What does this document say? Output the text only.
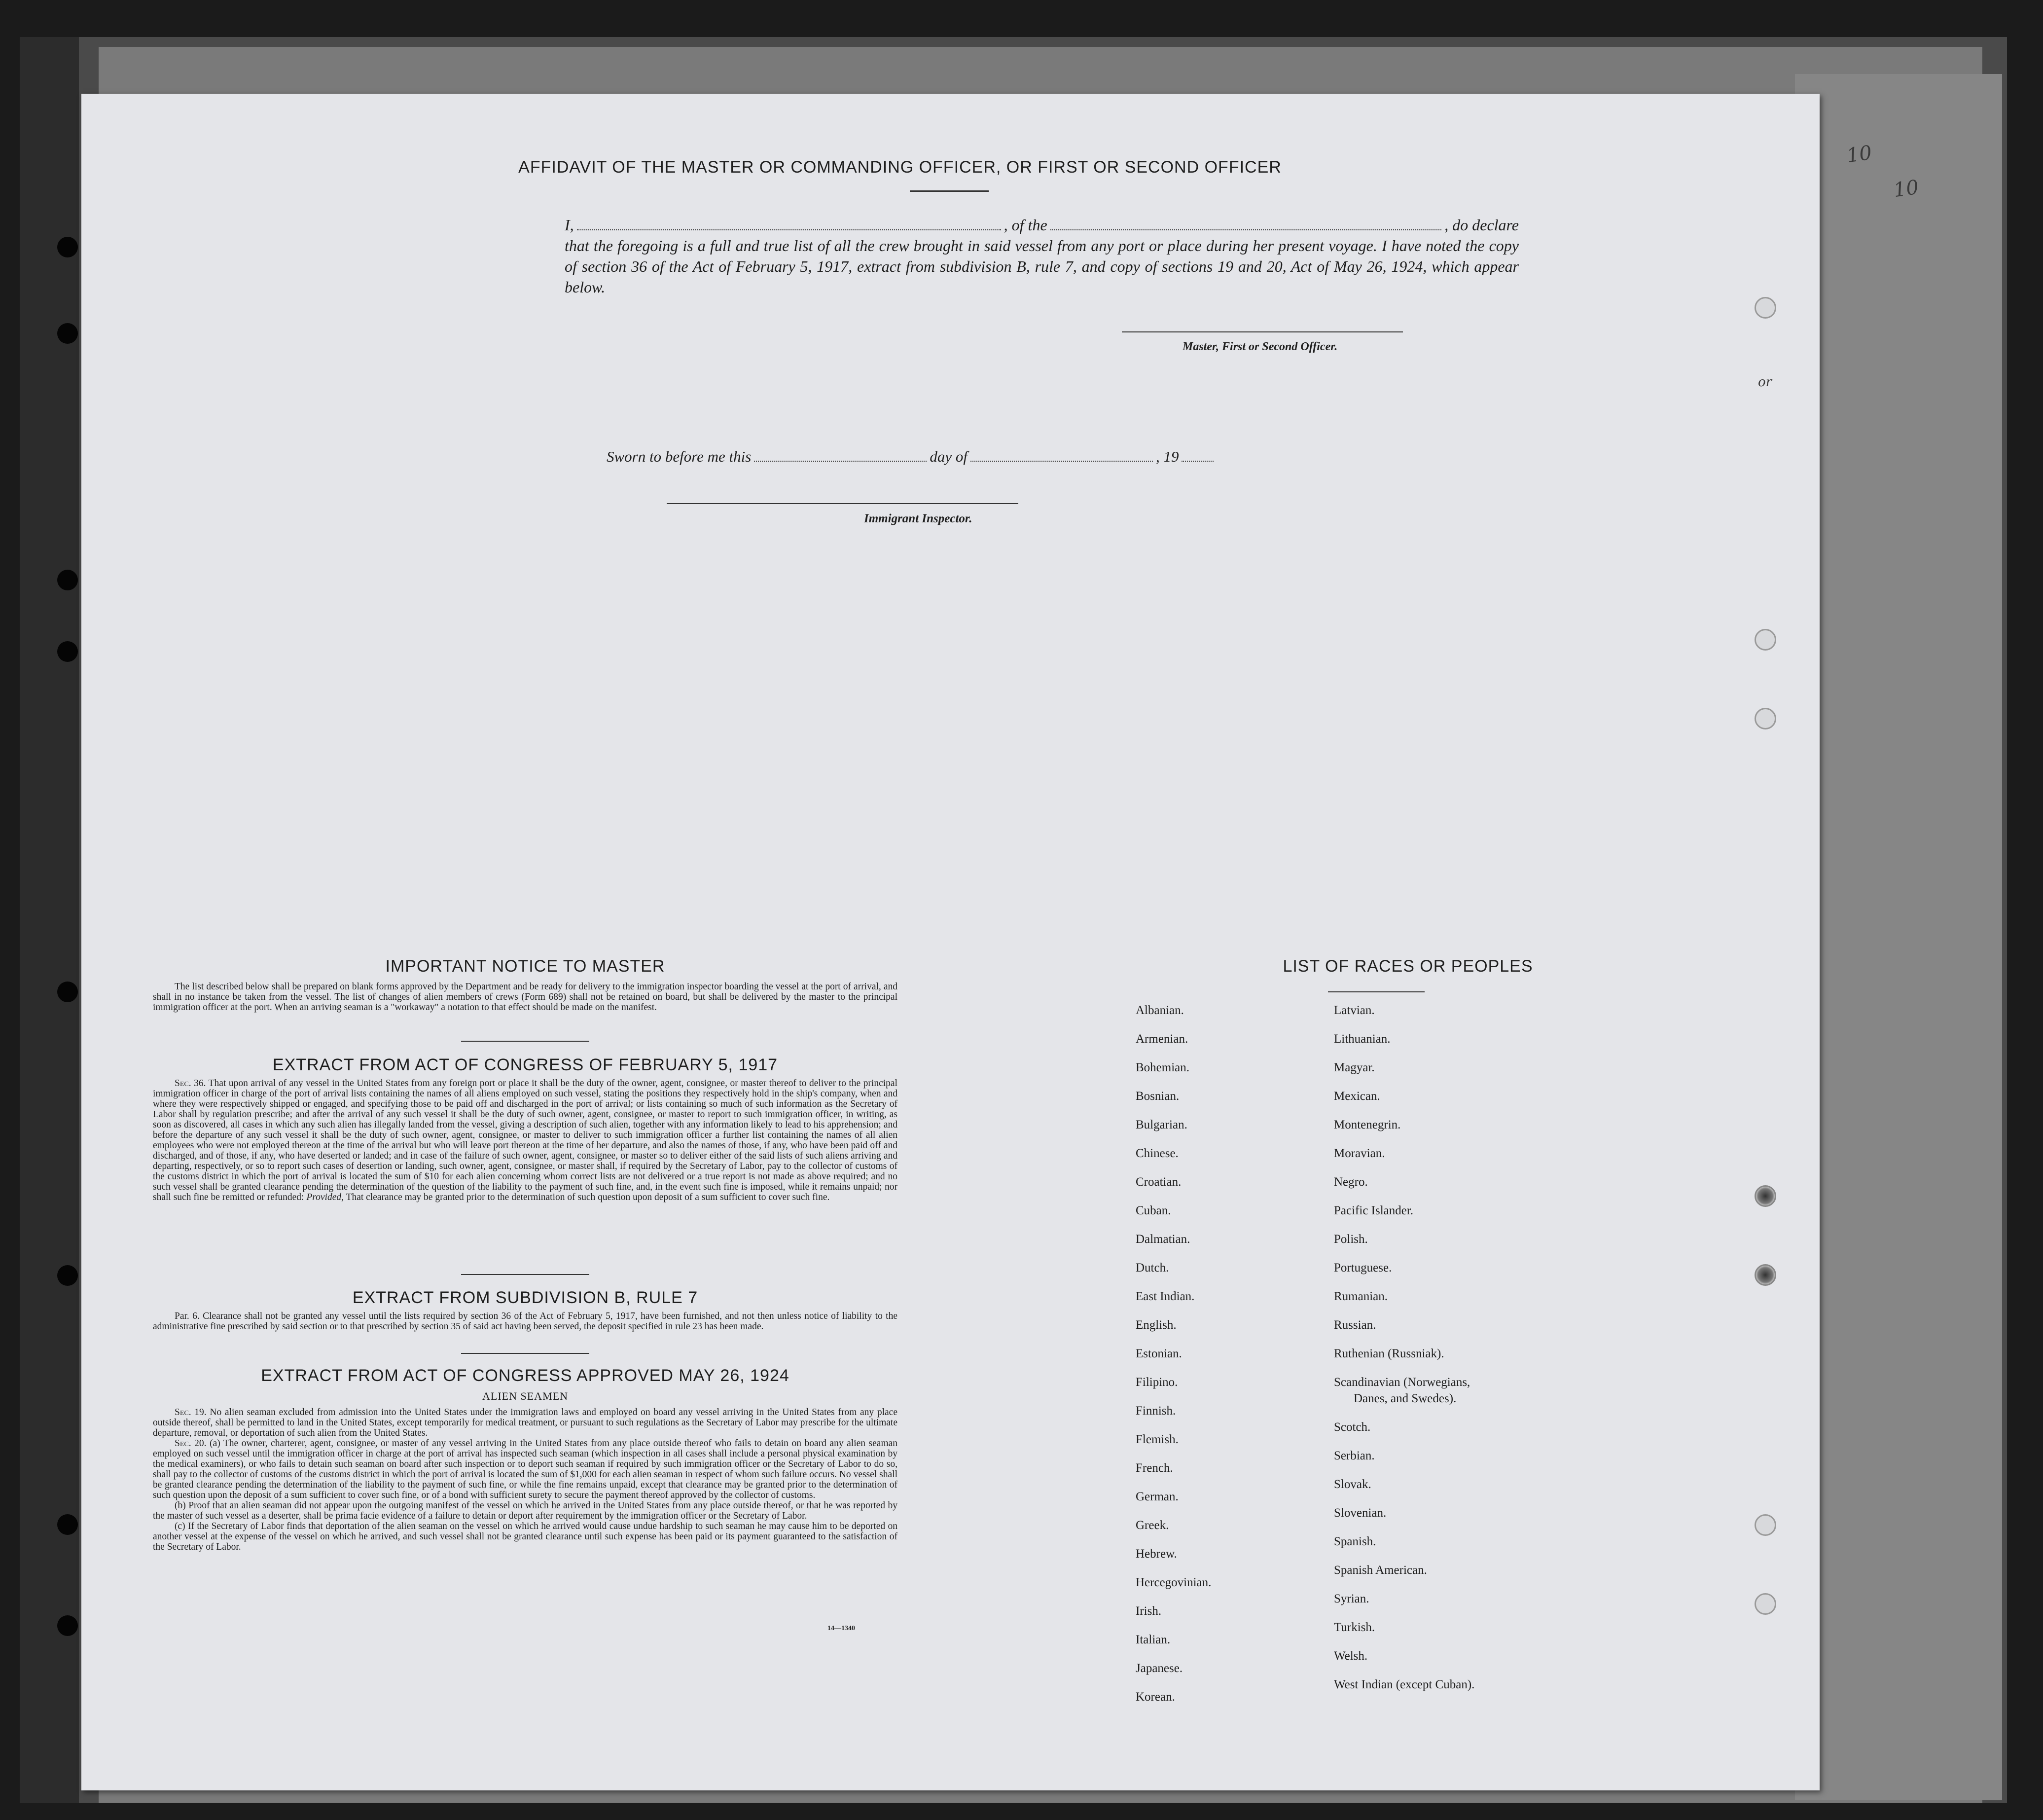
10
10
or
AFFIDAVIT OF THE MASTER OR COMMANDING OFFICER, OR FIRST OR SECOND OFFICER
I,	, of the	, do declare
that the foregoing is a full and true list of all the crew brought in said vessel from any port or place during her present voyage. I have noted the copy of section 36 of the Act of February 5, 1917, extract from subdivision B, rule 7, and copy of sections 19 and 20, Act of May 26, 1924, which appear below.
Master, First or Second Officer.
Sworn to before me this	day of	, 19
Immigrant Inspector.
IMPORTANT NOTICE TO MASTER

The list described below shall be prepared on blank forms approved by the Department and be ready for delivery to the immigration inspector boarding the vessel at the port of arrival, and shall in no instance be taken from the vessel. The list of changes of alien members of crews (Form 689) shall not be retained on board, but shall be delivered by the master to the principal immigration officer at the port. When an arriving seaman is a "workaway" a notation to that effect should be made on the manifest.

EXTRACT FROM ACT OF CONGRESS OF FEBRUARY 5, 1917

Sec. 36. That upon arrival of any vessel in the United States from any foreign port or place it shall be the duty of the owner, agent, consignee, or master thereof to deliver to the principal immigration officer in charge of the port of arrival lists containing the names of all aliens employed on such vessel, stating the positions they respectively hold in the ship's company, when and where they were respectively shipped or engaged, and specifying those to be paid off and discharged in the port of arrival; or lists containing so much of such information as the Secretary of Labor shall by regulation prescribe; and after the arrival of any such vessel it shall be the duty of such owner, agent, consignee, or master to report to such immigration officer, in writing, as soon as discovered, all cases in which any such alien has illegally landed from the vessel, giving a description of such alien, together with any information likely to lead to his apprehension; and before the departure of any such vessel it shall be the duty of such owner, agent, consignee, or master to deliver to such immigration officer a further list containing the names of all alien employees who were not employed thereon at the time of the arrival but who will leave port thereon at the time of her departure, and also the names of those, if any, who have been paid off and discharged, and of those, if any, who have deserted or landed; and in case of the failure of such owner, agent, consignee, or master so to deliver either of the said lists of such aliens arriving and departing, respectively, or so to report such cases of desertion or landing, such owner, agent, consignee, or master shall, if required by the Secretary of Labor, pay to the collector of customs of the customs district in which the port of arrival is located the sum of $10 for each alien concerning whom correct lists are not delivered or a true report is not made as above required; and no such vessel shall be granted clearance pending the determination of the question of the liability to the payment of such fine, and, in the event such fine is imposed, while it remains unpaid; nor shall such fine be remitted or refunded: Provided, That clearance may be granted prior to the determination of such question upon deposit of a sum sufficient to cover such fine.

EXTRACT FROM SUBDIVISION B, RULE 7

Par. 6. Clearance shall not be granted any vessel until the lists required by section 36 of the Act of February 5, 1917, have been furnished, and not then unless notice of liability to the administrative fine prescribed by said section or to that prescribed by section 35 of said act having been served, the deposit specified in rule 23 has been made.

EXTRACT FROM ACT OF CONGRESS APPROVED MAY 26, 1924
ALIEN SEAMEN

Sec. 19. No alien seaman excluded from admission into the United States under the immigration laws and employed on board any vessel arriving in the United States from any place outside thereof, shall be permitted to land in the United States, except temporarily for medical treatment, or pursuant to such regulations as the Secretary of Labor may prescribe for the ultimate departure, removal, or deportation of such alien from the United States.
Sec. 20. (a) The owner, charterer, agent, consignee, or master of any vessel arriving in the United States from any place outside thereof who fails to detain on board any alien seaman employed on such vessel until the immigration officer in charge at the port of arrival has inspected such seaman (which inspection in all cases shall include a personal physical examination by the medical examiners), or who fails to detain such seaman on board after such inspection or to deport such seaman if required by such immigration officer or the Secretary of Labor to do so, shall pay to the collector of customs of the customs district in which the port of arrival is located the sum of $1,000 for each alien seaman in respect of whom such failure occurs. No vessel shall be granted clearance pending the determination of the liability to the payment of such fine, or while the fine remains unpaid, except that clearance may be granted prior to the determination of such question upon the deposit of a sum sufficient to cover such fine, or of a bond with sufficient surety to secure the payment thereof approved by the collector of customs.
(b) Proof that an alien seaman did not appear upon the outgoing manifest of the vessel on which he arrived in the United States from any place outside thereof, or that he was reported by the master of such vessel as a deserter, shall be prima facie evidence of a failure to detain or deport after requirement by the immigration officer or the Secretary of Labor.
(c) If the Secretary of Labor finds that deportation of the alien seaman on the vessel on which he arrived would cause undue hardship to such seaman he may cause him to be deported on another vessel at the expense of the vessel on which he arrived, and such vessel shall not be granted clearance until such expense has been paid or its payment guaranteed to the satisfaction of the Secretary of Labor.

14—1340
LIST OF RACES OR PEOPLES
Albanian.
Armenian.
Bohemian.
Bosnian.
Bulgarian.
Chinese.
Croatian.
Cuban.
Dalmatian.
Dutch.
East Indian.
English.
Estonian.
Filipino.
Finnish.
Flemish.
French.
German.
Greek.
Hebrew.
Hercegovinian.
Irish.
Italian.
Japanese.
Korean.
Latvian.
Lithuanian.
Magyar.
Mexican.
Montenegrin.
Moravian.
Negro.
Pacific Islander.
Polish.
Portuguese.
Rumanian.
Russian.
Ruthenian (Russniak).
Scandinavian (Norwegians,
Danes, and Swedes).
Scotch.
Serbian.
Slovak.
Slovenian.
Spanish.
Spanish American.
Syrian.
Turkish.
Welsh.
West Indian (except Cuban).
